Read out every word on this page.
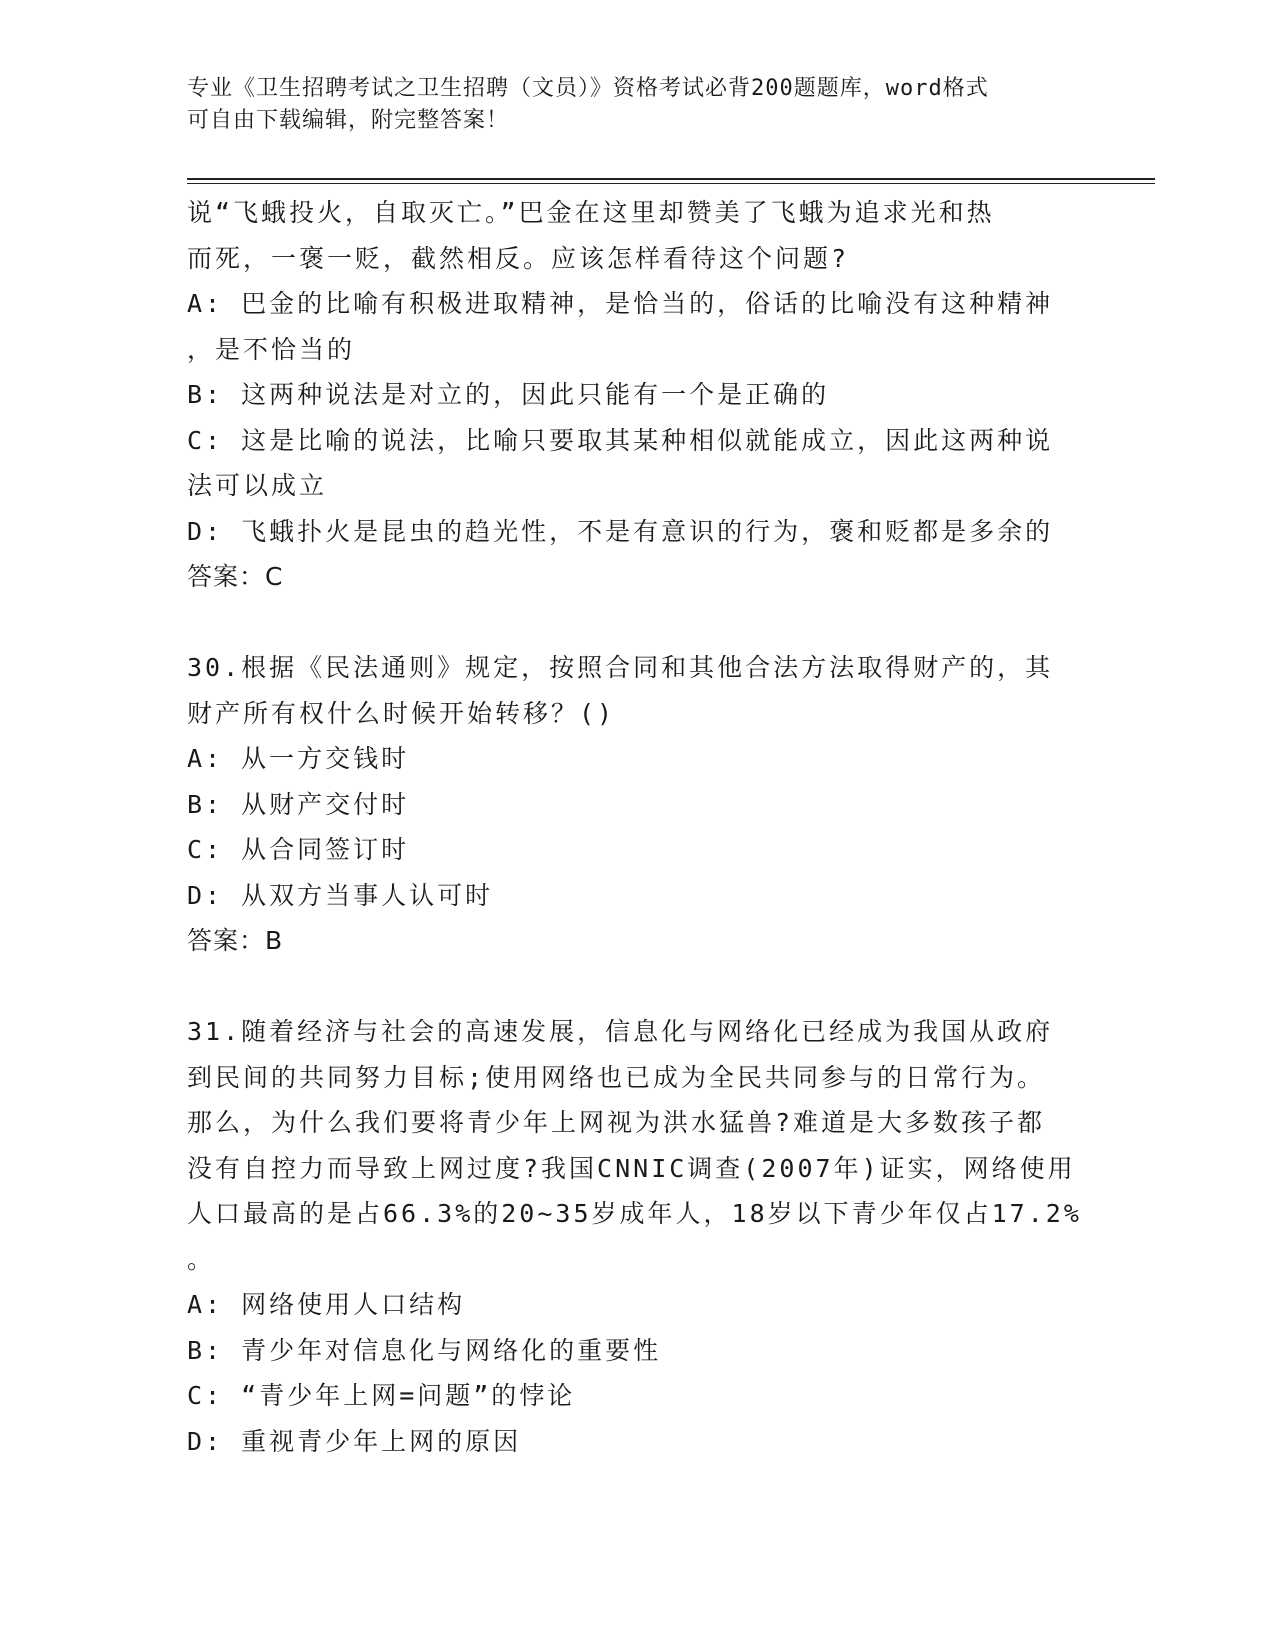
专业《卫生招聘考试之卫生招聘（文员）》资格考试必背200题题库，word格式
可自由下载编辑，附完整答案！
说“飞蛾投火，自取灭亡。”巴金在这里却赞美了飞蛾为追求光和热
而死，一褒一贬，截然相反。应该怎样看待这个问题?
A: 巴金的比喻有积极进取精神，是恰当的，俗话的比喻没有这种精神
，是不恰当的
B: 这两种说法是对立的，因此只能有一个是正确的
C: 这是比喻的说法，比喻只要取其某种相似就能成立，因此这两种说
法可以成立
D: 飞蛾扑火是昆虫的趋光性，不是有意识的行为，褒和贬都是多余的
答案：C
30.根据《民法通则》规定，按照合同和其他合法方法取得财产的，其
财产所有权什么时候开始转移？()
A: 从一方交钱时
B: 从财产交付时
C: 从合同签订时
D: 从双方当事人认可时
答案：B
31.随着经济与社会的高速发展，信息化与网络化已经成为我国从政府
到民间的共同努力目标;使用网络也已成为全民共同参与的日常行为。
那么，为什么我们要将青少年上网视为洪水猛兽?难道是大多数孩子都
没有自控力而导致上网过度?我国CNNIC调查(2007年)证实，网络使用
人口最高的是占66.3%的20~35岁成年人，18岁以下青少年仅占17.2%
。
A: 网络使用人口结构
B: 青少年对信息化与网络化的重要性
C: “青少年上网=问题”的悖论
D: 重视青少年上网的原因
